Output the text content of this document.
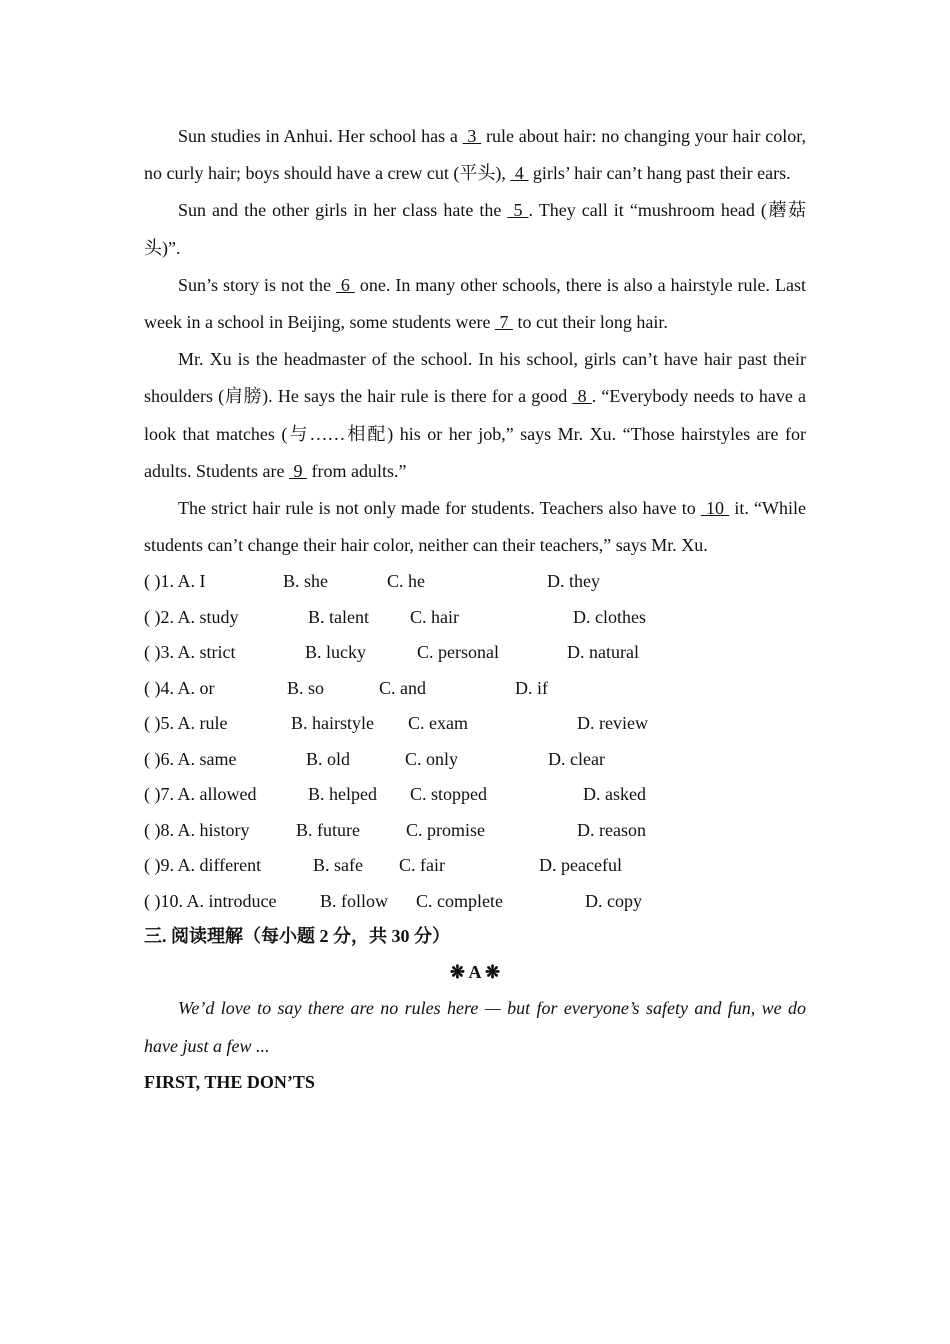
Sun studies in Anhui. Her school has a  3  rule about hair: no changing your hair color, no curly hair; boys should have a crew cut (平头),  4  girls’ hair can’t hang past their ears.

Sun and the other girls in her class hate the  5 . They call it “mushroom head (蘑菇头)”.

Sun’s story is not the  6  one. In many other schools, there is also a hairstyle rule. Last week in a school in Beijing, some students were  7  to cut their long hair.

Mr. Xu is the headmaster of the school. In his school, girls can’t have hair past their shoulders (肩膀). He says the hair rule is there for a good  8 . “Everybody needs to have a look that matches (与……相配) his or her job,” says Mr. Xu. “Those hairstyles are for adults. Students are  9  from adults.”

The strict hair rule is not only made for students. Teachers also have to  10  it. “While students can’t change their hair color, neither can their teachers,” says Mr. Xu.

( )1. A. I	B. she	C. he	D. they
( )2. A. study	B. talent C. hair	D. clothes
( )3. A. strict	B. lucky	C. personal	D. natural
( )4. A. or	B. so	C. and	D. if
( )5. A. rule	B. hairstyle C. exam	D. review
( )6. A. same	B. old	C. only	D. clear
( )7. A. allowed	B. helped C. stopped	D. asked
( )8. A. history	B. future	C. promise	D. reason
( )9. A. different	B. safe C. fair	D. peaceful
( )10. A. introduce B. follow C. complete	D. copy
三. 阅读理解（每小题 2 分，共 30 分）
❋ A ❋

We’d love to say there are no rules here — but for everyone’s safety and fun, we do have just a few ...

FIRST, THE DON’TS
